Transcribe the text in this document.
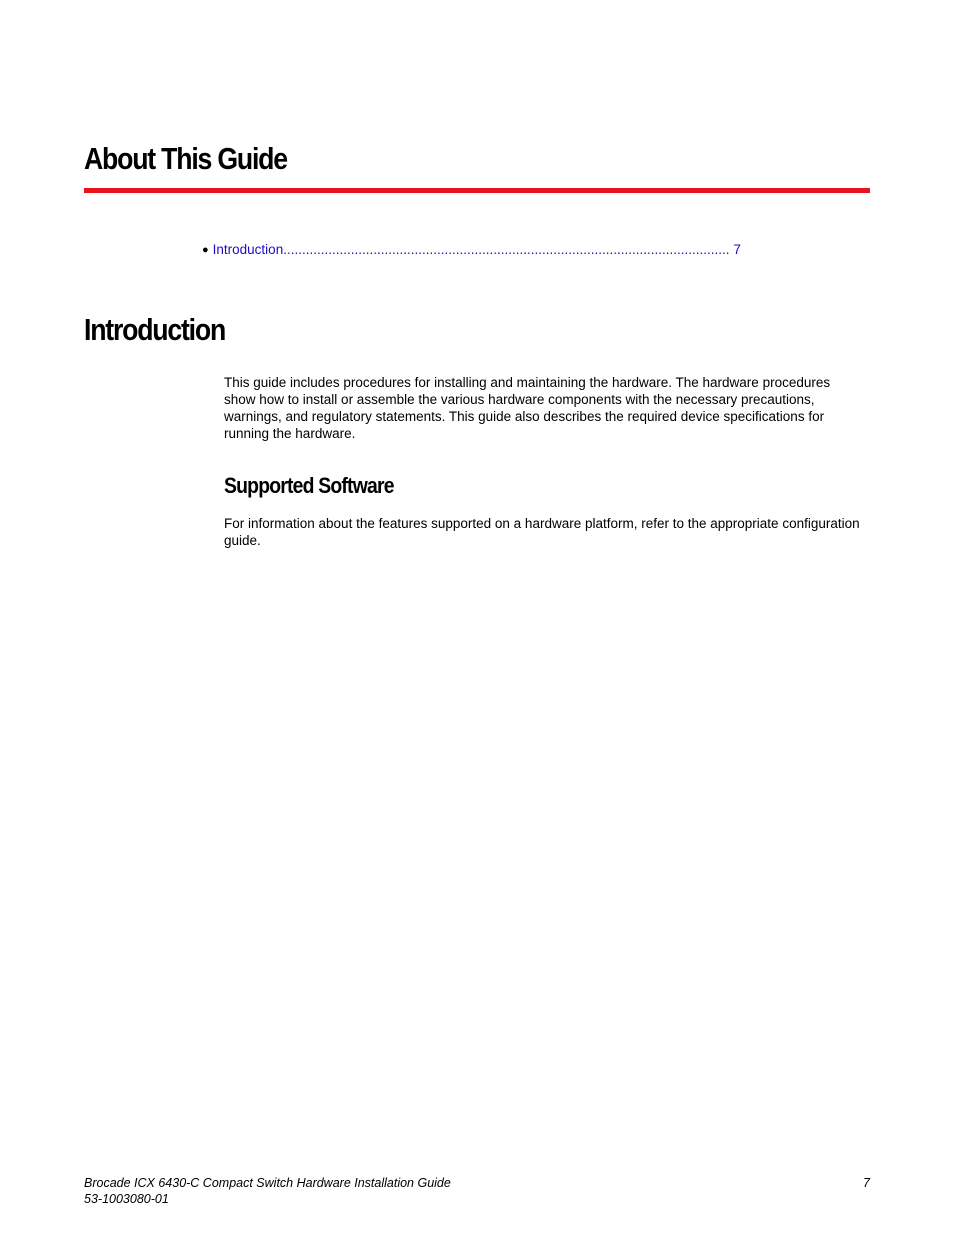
About This Guide
● Introduction....................................................................................................................... 7
Introduction

This guide includes procedures for installing and maintaining the hardware. The hardware procedures show how to install or assemble the various hardware components with the necessary precautions, warnings, and regulatory statements. This guide also describes the required device specifications for running the hardware.

Supported Software

For information about the features supported on a hardware platform, refer to the appropriate configuration guide.

Brocade ICX 6430-C Compact Switch Hardware Installation Guide
53-1003080-01
7
